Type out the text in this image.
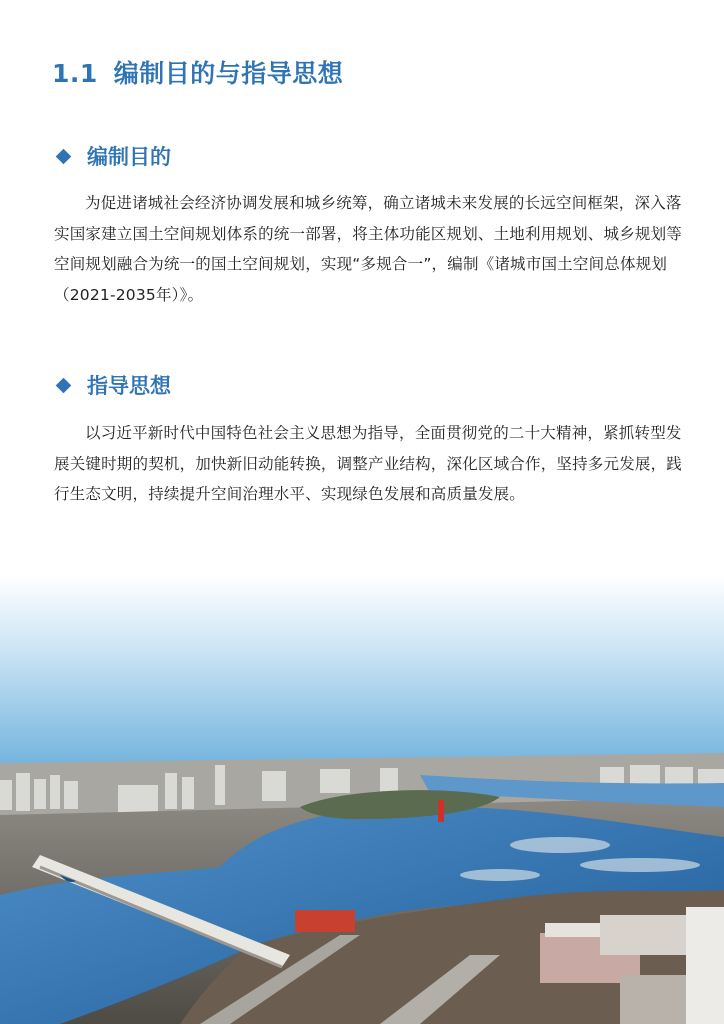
1.1 编制目的与指导思想
编制目的

为促进诸城社会经济协调发展和城乡统筹，确立诸城未来发展的长远空间框架，深入落实国家建立国土空间规划体系的统一部署，将主体功能区规划、土地利用规划、城乡规划等空间规划融合为统一的国土空间规划，实现“多规合一”，编制《诸城市国土空间总体规划（2021-2035年）》。

指导思想

以习近平新时代中国特色社会主义思想为指导，全面贯彻党的二十大精神，紧抓转型发展关键时期的契机，加快新旧动能转换，调整产业结构，深化区域合作，坚持多元发展，践行生态文明，持续提升空间治理水平、实现绿色发展和高质量发展。
